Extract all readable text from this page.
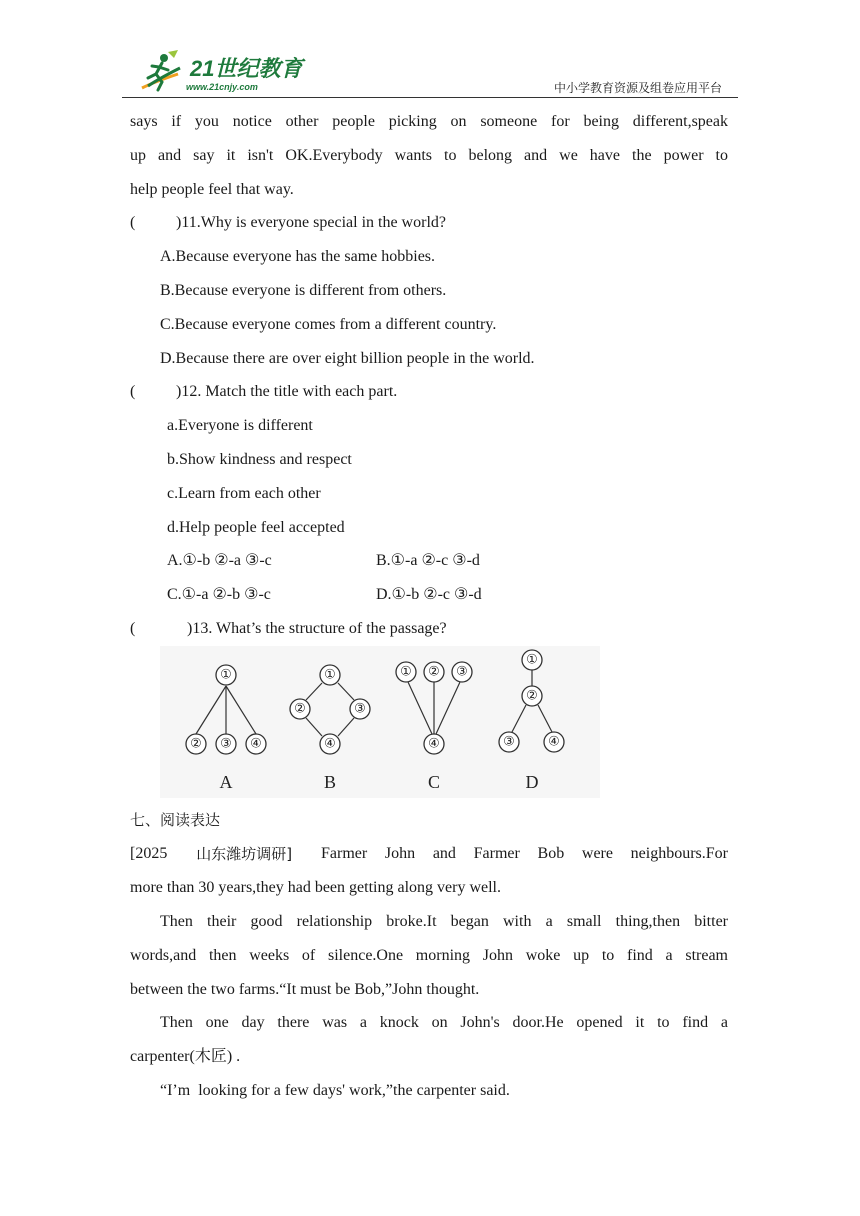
21世纪教育
www.21cnjy.com	中小学教育资源及组卷应用平台
says if you notice other people picking on someone for being different,speak
up and say it isn't OK.Everybody wants to belong and we have the power to
help people feel that way.
(	)11.Why is everyone special in the world?
A.Because everyone has the same hobbies.
B.Because everyone is different from others.
C.Because everyone comes from a different country.
D.Because there are over eight billion people in the world.
(	)12. Match the title with each part.
a.Everyone is different
b.Show kindness and respect
c.Learn from each other
d.Help people feel accepted
A.①-b ②-a ③-c	B.①-a ②-c ③-d
C.①-a ②-b ③-c	D.①-b ②-c ③-d
(	)13. What’s the structure of the passage?
①
② ③ ④
A
①
②	③
④
B
① ② ③
④
C
①
②
③	④
D
七、阅读表达
[2025 山东潍坊调研] Farmer John and Farmer Bob were neighbours.For
more than 30 years,they had been getting along very well.
Then their good relationship broke.It began with a small thing,then bitter
words,and then weeks of silence.One morning John woke up to find a stream
between the two farms.“It must be Bob,”John thought.
Then one day there was a knock on John's door.He opened it to find a
carpenter(木匠) .
“I’m  looking for a few days' work,”the carpenter said.
